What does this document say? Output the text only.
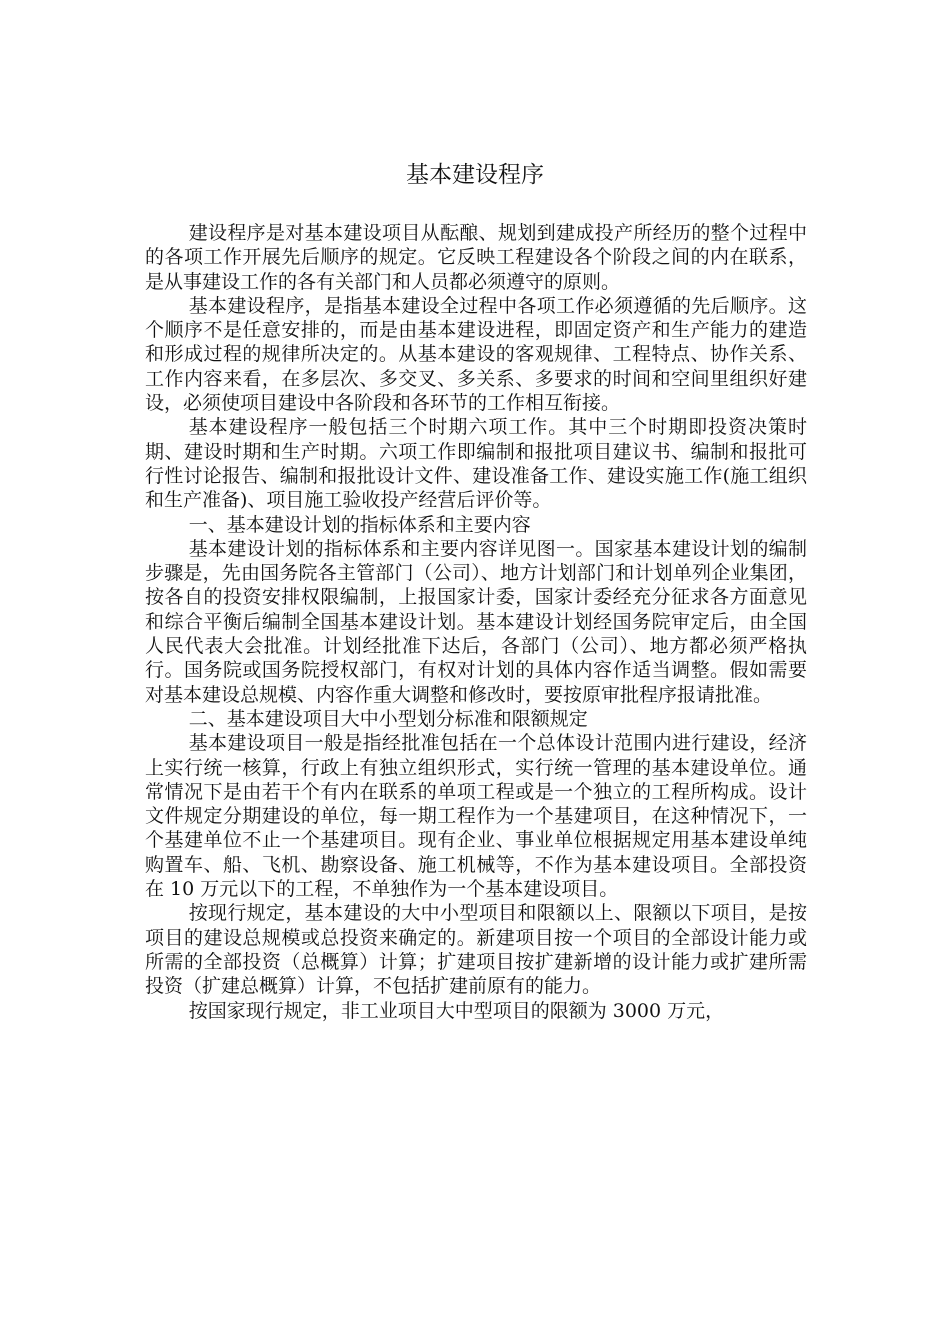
基本建设程序

建设程序是对基本建设项目从酝酿、规划到建成投产所经历的整个过程中的各项工作开展先后顺序的规定。它反映工程建设各个阶段之间的内在联系，是从事建设工作的各有关部门和人员都必须遵守的原则。

基本建设程序，是指基本建设全过程中各项工作必须遵循的先后顺序。这个顺序不是任意安排的，而是由基本建设进程，即固定资产和生产能力的建造和形成过程的规律所决定的。从基本建设的客观规律、工程特点、协作关系、工作内容来看，在多层次、多交叉、多关系、多要求的时间和空间里组织好建设，必须使项目建设中各阶段和各环节的工作相互衔接。

基本建设程序一般包括三个时期六项工作。其中三个时期即投资决策时期、建设时期和生产时期。六项工作即编制和报批项目建议书、编制和报批可行性讨论报告、编制和报批设计文件、建设准备工作、建设实施工作(施工组织和生产准备)、项目施工验收投产经营后评价等。

一、基本建设计划的指标体系和主要内容

基本建设计划的指标体系和主要内容详见图一。国家基本建设计划的编制步骤是，先由国务院各主管部门（公司）、地方计划部门和计划单列企业集团，按各自的投资安排权限编制，上报国家计委，国家计委经充分征求各方面意见和综合平衡后编制全国基本建设计划。基本建设计划经国务院审定后，由全国人民代表大会批准。计划经批准下达后，各部门（公司）、地方都必须严格执行。国务院或国务院授权部门，有权对计划的具体内容作适当调整。假如需要对基本建设总规模、内容作重大调整和修改时，要按原审批程序报请批准。

二、基本建设项目大中小型划分标准和限额规定

基本建设项目一般是指经批准包括在一个总体设计范围内进行建设，经济上实行统一核算，行政上有独立组织形式，实行统一管理的基本建设单位。通常情况下是由若干个有内在联系的单项工程或是一个独立的工程所构成。设计文件规定分期建设的单位，每一期工程作为一个基建项目，在这种情况下，一个基建单位不止一个基建项目。现有企业、事业单位根据规定用基本建设单纯购置车、船、飞机、勘察设备、施工机械等，不作为基本建设项目。全部投资在 10 万元以下的工程，不单独作为一个基本建设项目。

按现行规定，基本建设的大中小型项目和限额以上、限额以下项目，是按项目的建设总规模或总投资来确定的。新建项目按一个项目的全部设计能力或所需的全部投资（总概算）计算；扩建项目按扩建新增的设计能力或扩建所需投资（扩建总概算）计算，不包括扩建前原有的能力。

按国家现行规定，非工业项目大中型项目的限额为 3000 万元，
